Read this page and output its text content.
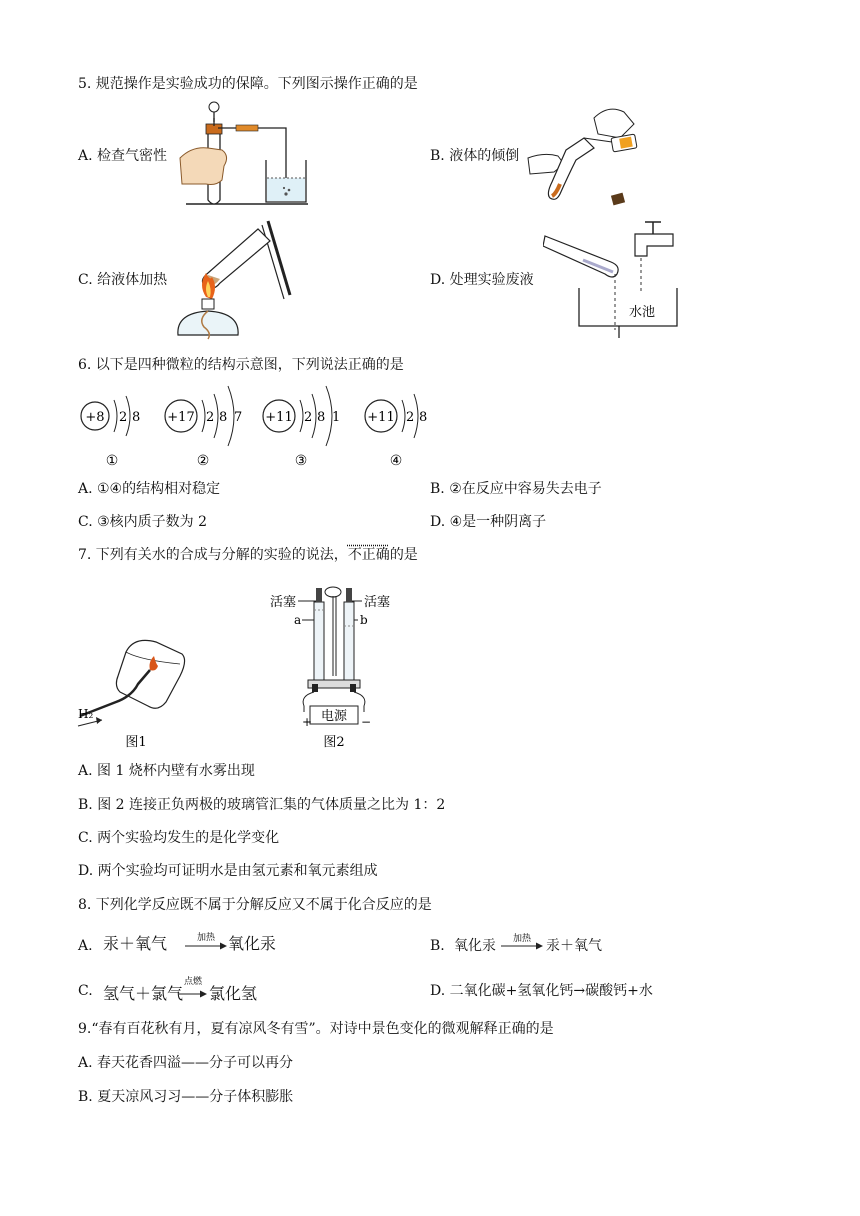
5. 规范操作是实验成功的保障。下列图示操作正确的是
A. 检查气密性	B. 液体的倾倒
C. 给液体加热	D. 处理实验废液
水池
6. 以下是四种微粒的结构示意图，下列说法正确的是
+8 2 8
①
+17 2 8 7
②
+11 2 8 1
③
+11 2 8
④
A. ①④的结构相对稳定	B. ②在反应中容易失去电子
C. ③核内质子数为 2	D. ④是一种阴离子
7. 下列有关水的合成与分解的实验的说法，不正确的是
H₂
图1
活塞	活塞
a	b
电源
+	−
图2
A. 图 1 烧杯内壁有水雾出现
B. 图 2 连接正负两极的玻璃管汇集的气体质量之比为 1：2
C. 两个实验均发生的是化学变化
D. 两个实验均可证明水是由氢元素和氧元素组成
8. 下列化学反应既不属于分解反应又不属于化合反应的是
A. 汞＋氧气	加热 氧化汞	B. 氧化汞 加热 汞＋氧气
C. 氢气＋氯气
点燃
氯化氢	D. 二氧化碳+氢氧化钙→碳酸钙+水
9.“春有百花秋有月，夏有凉风冬有雪”。对诗中景色变化的微观解释正确的是
A. 春天花香四溢——分子可以再分
B. 夏天凉风习习——分子体积膨胀
